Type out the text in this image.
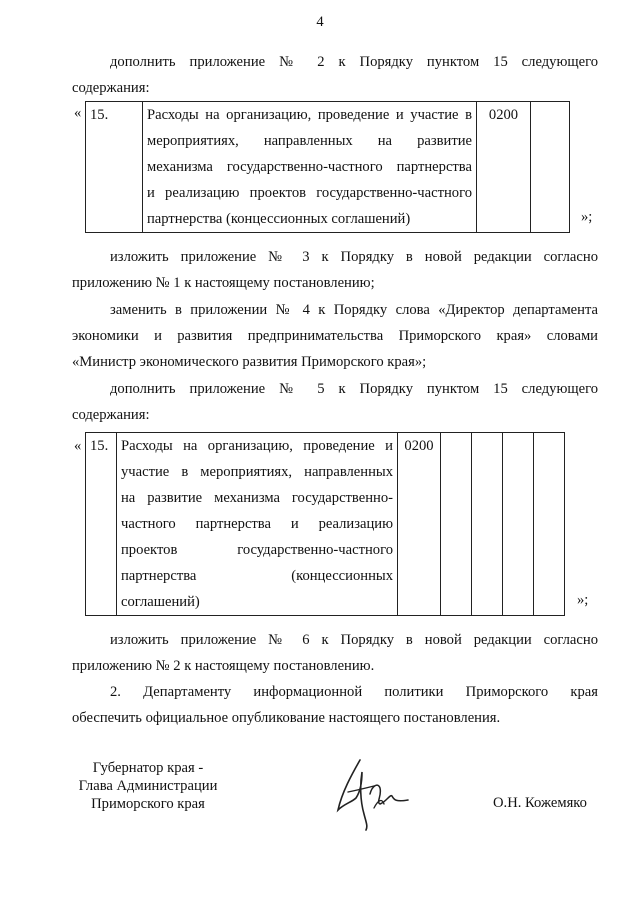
4
дополнить приложение № 2 к Порядку пунктом 15 следующего
содержания:
« 15.	Расходы на организацию, проведение и участие в
мероприятиях, направленных на развитие
механизма государственно-частного партнерства
и реализацию проектов государственно-частного
партнерства (концессионных соглашений)
	0200	
»;
изложить приложение № 3 к Порядку в новой редакции согласно
приложению № 1 к настоящему постановлению;
заменить в приложении № 4 к Порядку слова «Директор департамента
экономики и развития предпринимательства Приморского края» словами
«Министр экономического развития Приморского края»;
дополнить приложение № 5 к Порядку пунктом 15 следующего
содержания:
« 15.	Расходы на организацию, проведение и
участие в мероприятиях, направленных
на развитие механизма государственно-
частного партнерства и реализацию
проектов государственно-частного
партнерства (концессионных
соглашений)
	0200				
»;
изложить приложение № 6 к Порядку в новой редакции согласно
приложению № 2 к настоящему постановлению.
2. Департаменту информационной политики Приморского края
обеспечить официальное опубликование настоящего постановления.
Губернатор края -
Глава Администрации
Приморского края	О.Н. Кожемяко
